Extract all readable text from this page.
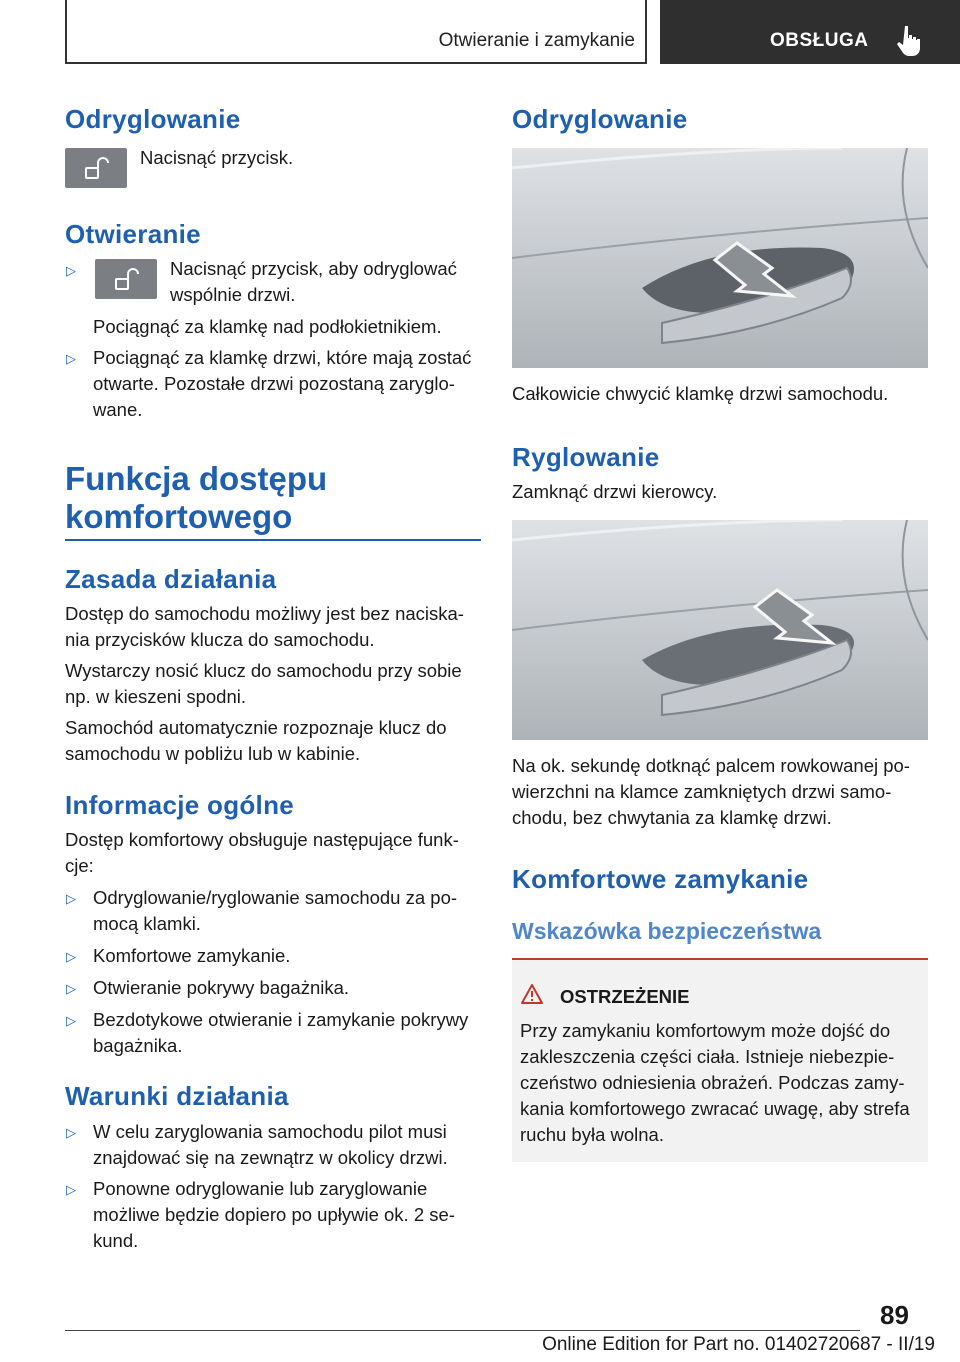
Otwieranie i zamykanie	OBSŁUGA
Odryglowanie
Nacisnąć przycisk.
Otwieranie
▷	Nacisnąć przycisk, aby odryglować
wspólnie drzwi.
Pociągnąć za klamkę nad podłokietnikiem.
▷ Pociągnąć za klamkę drzwi, które mają zostać
otwarte. Pozostałe drzwi pozostaną zaryglo-
wane.
Funkcja dostępu
komfortowego
Zasada działania
Dostęp do samochodu możliwy jest bez naciska-
nia przycisków klucza do samochodu.
Wystarczy nosić klucz do samochodu przy sobie
np. w kieszeni spodni.
Samochód automatycznie rozpoznaje klucz do
samochodu w pobliżu lub w kabinie.
Informacje ogólne
Dostęp komfortowy obsługuje następujące funk-
cje:
▷ Odryglowanie/ryglowanie samochodu za po-
mocą klamki.
▷ Komfortowe zamykanie.
▷ Otwieranie pokrywy bagażnika.
▷ Bezdotykowe otwieranie i zamykanie pokrywy
bagażnika.
Warunki działania
▷ W celu zaryglowania samochodu pilot musi
znajdować się na zewnątrz w okolicy drzwi.
▷ Ponowne odryglowanie lub zaryglowanie
możliwe będzie dopiero po upływie ok. 2 se-
kund.
Odryglowanie
Całkowicie chwycić klamkę drzwi samochodu.
Ryglowanie
Zamknąć drzwi kierowcy.
Na ok. sekundę dotknąć palcem rowkowanej po-
wierzchni na klamce zamkniętych drzwi samo-
chodu, bez chwytania za klamkę drzwi.
Komfortowe zamykanie
Wskazówka bezpieczeństwa
OSTRZEŻENIE
Przy zamykaniu komfortowym może dojść do
zakleszczenia części ciała. Istnieje niebezpie-
czeństwo odniesienia obrażeń. Podczas zamy-
kania komfortowego zwracać uwagę, aby strefa
ruchu była wolna.
89
Online Edition for Part no. 01402720687 - II/19
